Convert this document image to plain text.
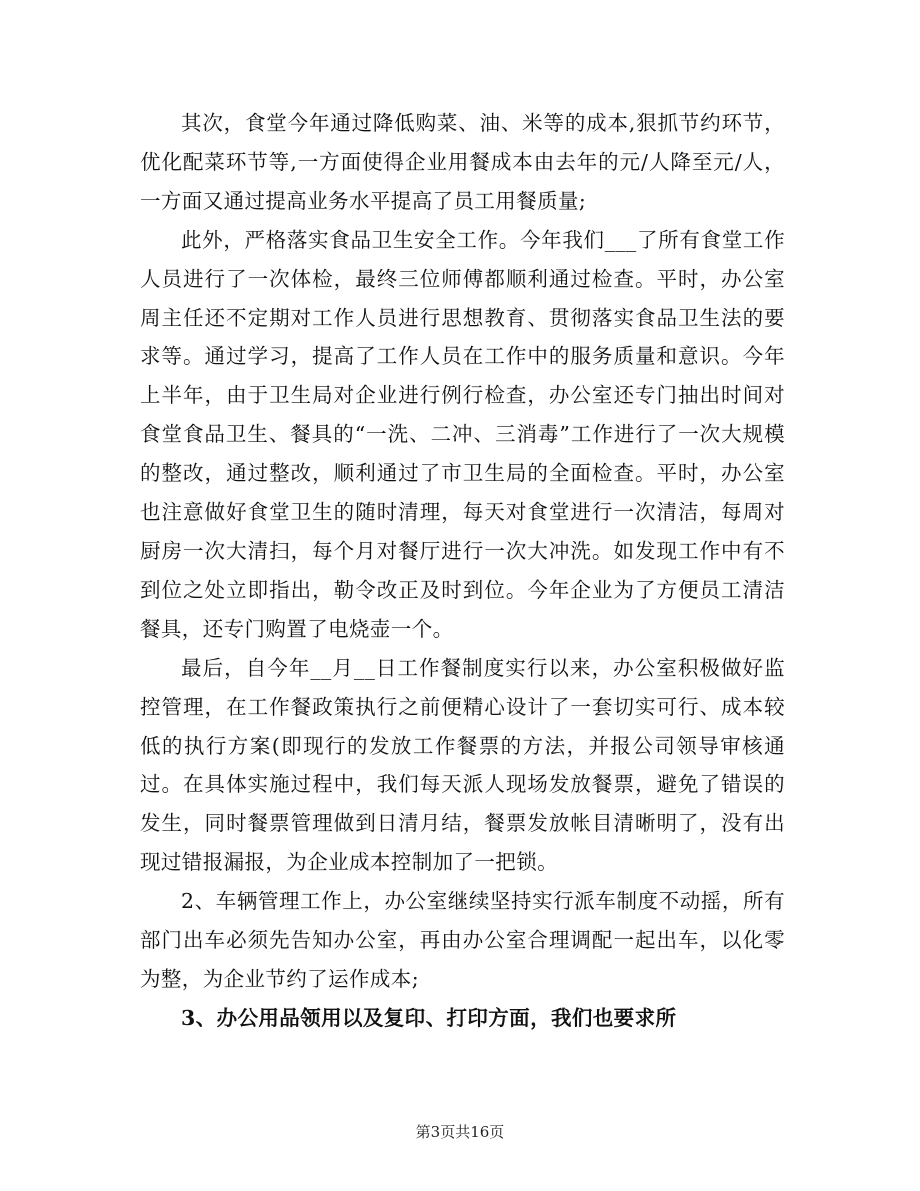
其次，食堂今年通过降低购菜、油、米等的成本,狠抓节约环节，优化配菜环节等,一方面使得企业用餐成本由去年的元/人降至元/人，一方面又通过提高业务水平提高了员工用餐质量;

此外，严格落实食品卫生安全工作。今年我们___了所有食堂工作人员进行了一次体检，最终三位师傅都顺利通过检查。平时，办公室周主任还不定期对工作人员进行思想教育、贯彻落实食品卫生法的要求等。通过学习，提高了工作人员在工作中的服务质量和意识。今年上半年，由于卫生局对企业进行例行检查，办公室还专门抽出时间对食堂食品卫生、餐具的“一洗、二冲、三消毒”工作进行了一次大规模的整改，通过整改，顺利通过了市卫生局的全面检查。平时，办公室也注意做好食堂卫生的随时清理，每天对食堂进行一次清洁，每周对厨房一次大清扫，每个月对餐厅进行一次大冲洗。如发现工作中有不到位之处立即指出，勒令改正及时到位。今年企业为了方便员工清洁餐具，还专门购置了电烧壶一个。

最后，自今年__月__日工作餐制度实行以来，办公室积极做好监控管理，在工作餐政策执行之前便精心设计了一套切实可行、成本较低的执行方案(即现行的发放工作餐票的方法，并报公司领导审核通过。在具体实施过程中，我们每天派人现场发放餐票，避免了错误的发生，同时餐票管理做到日清月结，餐票发放帐目清晰明了，没有出现过错报漏报，为企业成本控制加了一把锁。

2、车辆管理工作上，办公室继续坚持实行派车制度不动摇，所有部门出车必须先告知办公室，再由办公室合理调配一起出车，以化零为整，为企业节约了运作成本;

3、办公用品领用以及复印、打印方面，我们也要求所

第3页共16页
